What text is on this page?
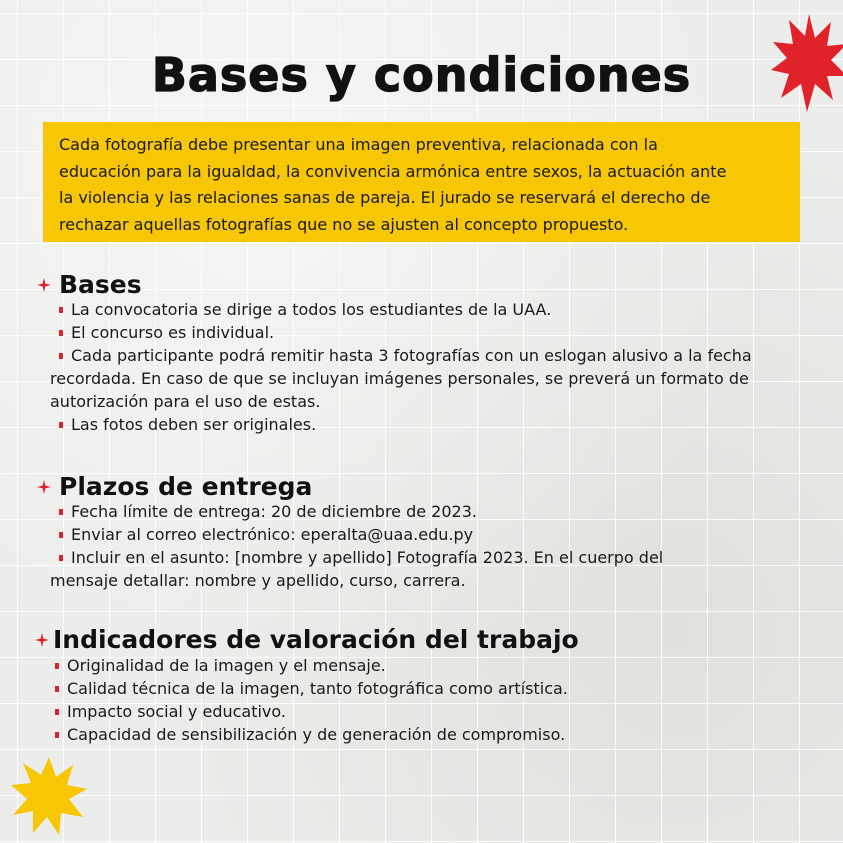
Bases y condiciones
Cada fotografía debe presentar una imagen preventiva, relacionada con la
educación para la igualdad, la convivencia armónica entre sexos, la actuación ante
la violencia y las relaciones sanas de pareja. El jurado se reservará el derecho de
rechazar aquellas fotografías que no se ajusten al concepto propuesto.
Bases
La convocatoria se dirige a todos los estudiantes de la UAA.
El concurso es individual.
Cada participante podrá remitir hasta 3 fotografías con un eslogan alusivo a la fecha
recordada. En caso de que se incluyan imágenes personales, se preverá un formato de
autorización para el uso de estas.
Las fotos deben ser originales.
Plazos de entrega
Fecha límite de entrega: 20 de diciembre de 2023.
Enviar al correo electrónico: eperalta@uaa.edu.py
Incluir en el asunto: [nombre y apellido] Fotografía 2023. En el cuerpo del
mensaje detallar: nombre y apellido, curso, carrera.
Indicadores de valoración del trabajo
Originalidad de la imagen y el mensaje.
Calidad técnica de la imagen, tanto fotográfica como artística.
Impacto social y educativo.
Capacidad de sensibilización y de generación de compromiso.
